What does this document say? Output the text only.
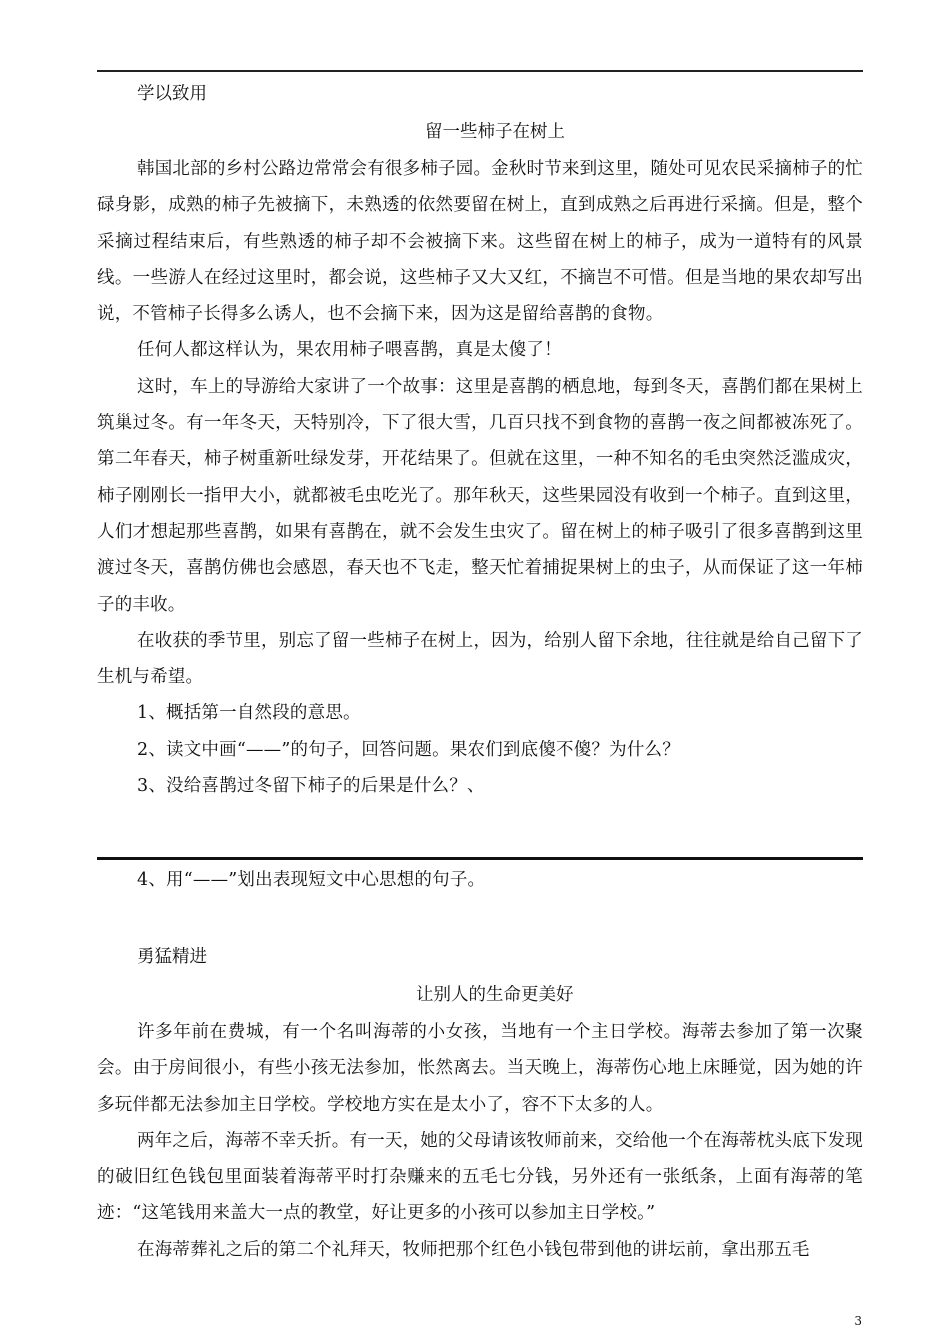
学以致用
留一些柿子在树上

韩国北部的乡村公路边常常会有很多柿子园。金秋时节来到这里，随处可见农民采摘柿子的忙碌身影，成熟的柿子先被摘下，未熟透的依然要留在树上，直到成熟之后再进行采摘。但是，整个采摘过程结束后，有些熟透的柿子却不会被摘下来。这些留在树上的柿子，成为一道特有的风景线。一些游人在经过这里时，都会说，这些柿子又大又红，不摘岂不可惜。但是当地的果农却写出说，不管柿子长得多么诱人，也不会摘下来，因为这是留给喜鹊的食物。

任何人都这样认为，果农用柿子喂喜鹊，真是太傻了！

这时，车上的导游给大家讲了一个故事：这里是喜鹊的栖息地，每到冬天，喜鹊们都在果树上筑巢过冬。有一年冬天，天特别冷，下了很大雪，几百只找不到食物的喜鹊一夜之间都被冻死了。第二年春天，柿子树重新吐绿发芽，开花结果了。但就在这里，一种不知名的毛虫突然泛滥成灾，柿子刚刚长一指甲大小，就都被毛虫吃光了。那年秋天，这些果园没有收到一个柿子。直到这里，人们才想起那些喜鹊，如果有喜鹊在，就不会发生虫灾了。留在树上的柿子吸引了很多喜鹊到这里渡过冬天，喜鹊仿佛也会感恩，春天也不飞走，整天忙着捕捉果树上的虫子，从而保证了这一年柿子的丰收。

在收获的季节里，别忘了留一些柿子在树上，因为，给别人留下余地，往往就是给自己留下了生机与希望。

1、概括第一自然段的意思。

2、读文中画“——”的句子，回答问题。果农们到底傻不傻？为什么？

3、没给喜鹊过冬留下柿子的后果是什么？、

4、用“——”划出表现短文中心思想的句子。

勇猛精进
让别人的生命更美好

许多年前在费城，有一个名叫海蒂的小女孩，当地有一个主日学校。海蒂去参加了第一次聚会。由于房间很小，有些小孩无法参加，怅然离去。当天晚上，海蒂伤心地上床睡觉，因为她的许多玩伴都无法参加主日学校。学校地方实在是太小了，容不下太多的人。

两年之后，海蒂不幸夭折。有一天，她的父母请该牧师前来，交给他一个在海蒂枕头底下发现的破旧红色钱包里面装着海蒂平时打杂赚来的五毛七分钱，另外还有一张纸条，上面有海蒂的笔迹：“这笔钱用来盖大一点的教堂，好让更多的小孩可以参加主日学校。”

在海蒂葬礼之后的第二个礼拜天，牧师把那个红色小钱包带到他的讲坛前，拿出那五毛

3
